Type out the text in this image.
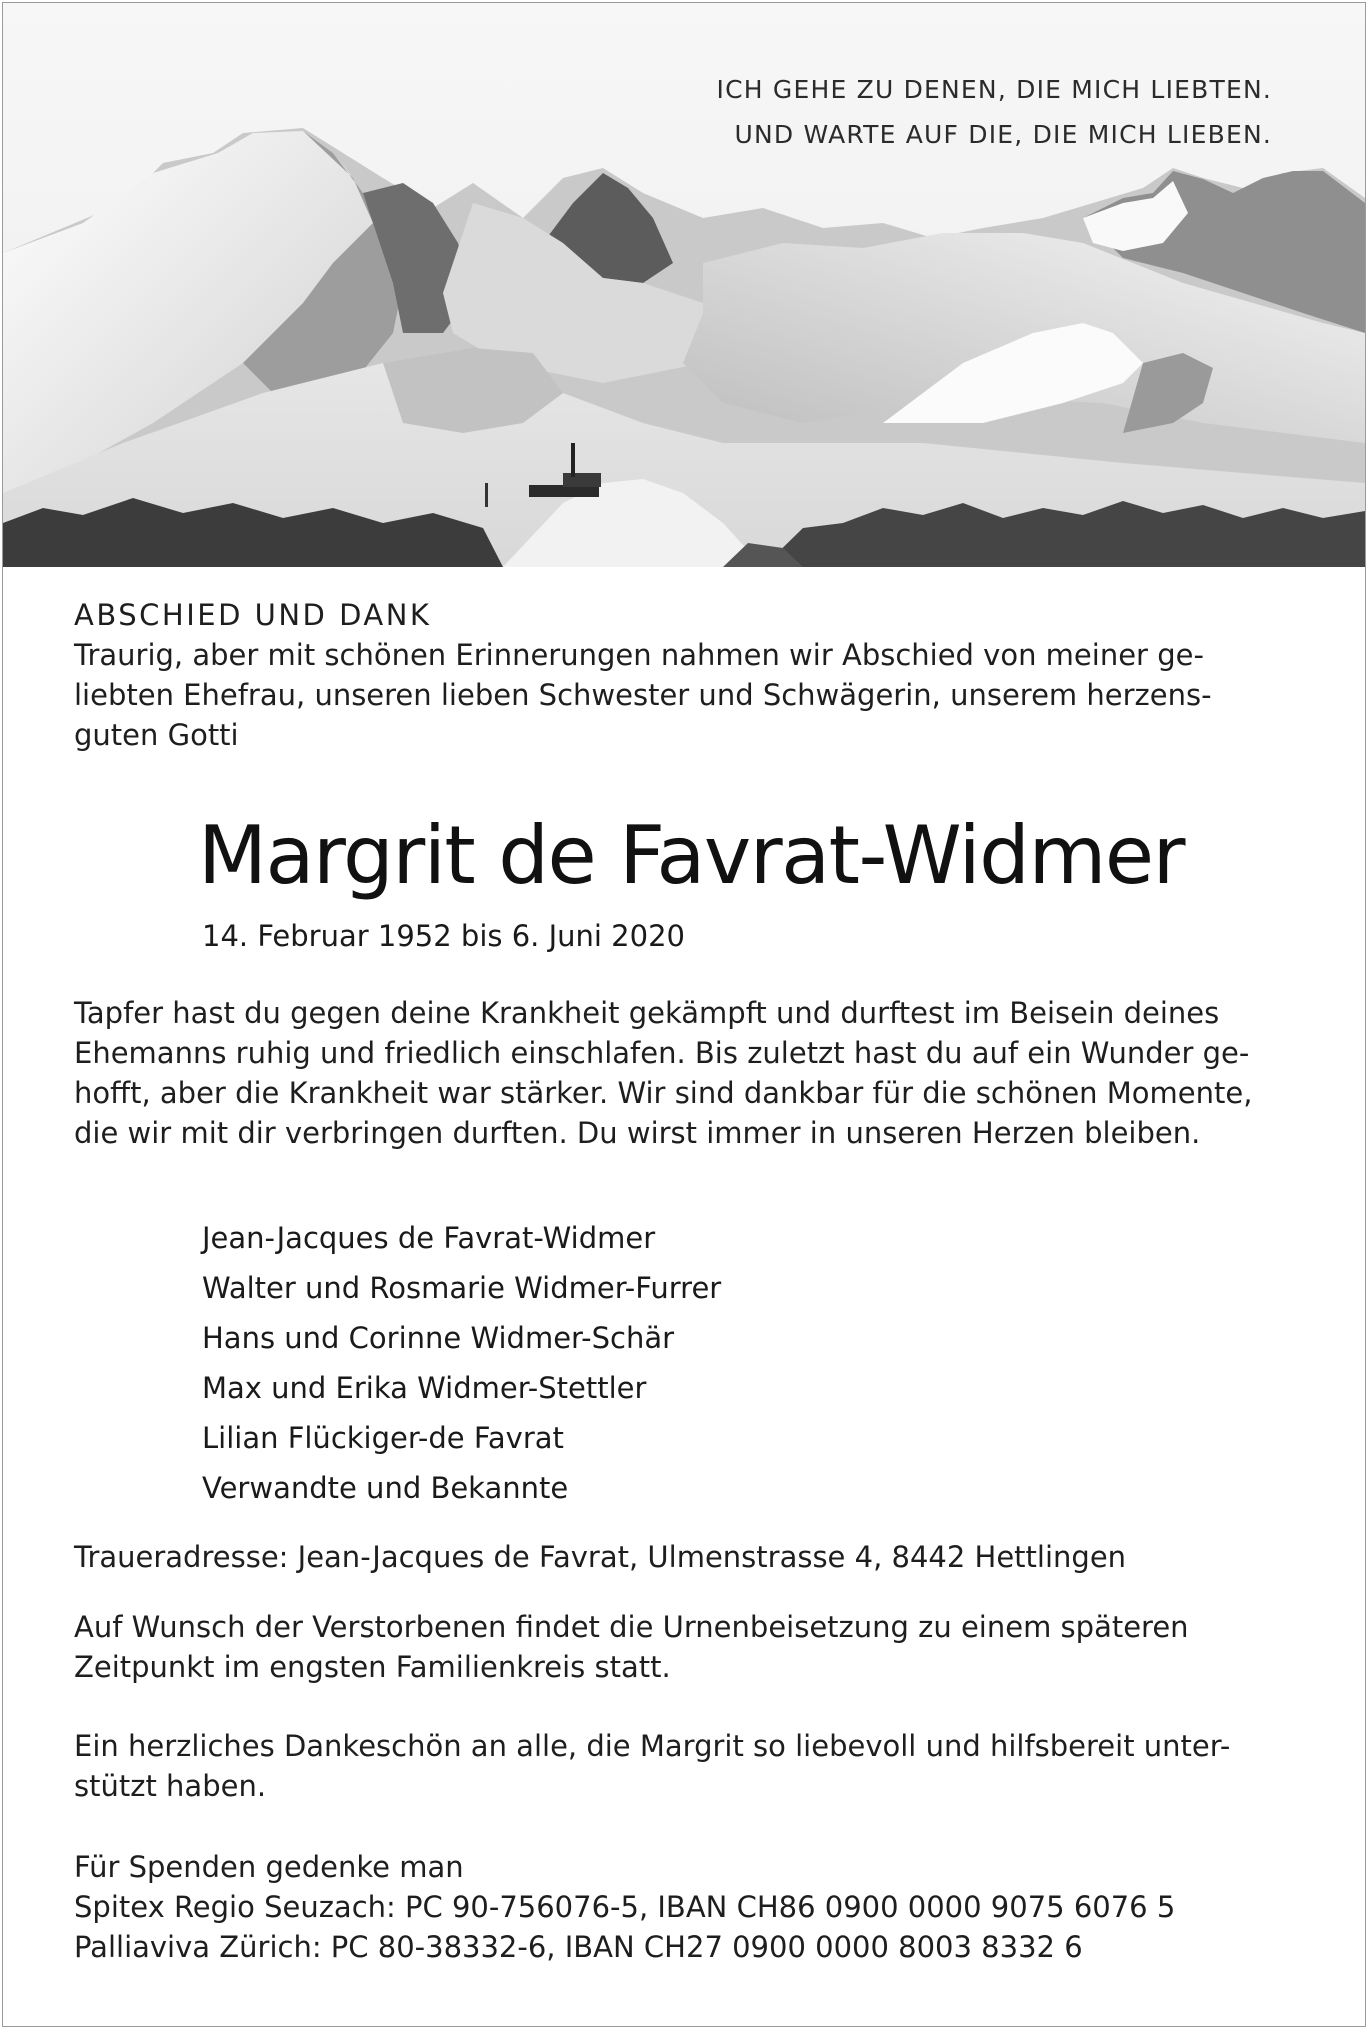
ICH GEHE ZU DENEN, DIE MICH LIEBTEN.
UND WARTE AUF DIE, DIE MICH LIEBEN.

ABSCHIED UND DANK

Traurig, aber mit schönen Erinnerungen nahmen wir Abschied von meiner ge-

liebten Ehefrau, unseren lieben Schwester und Schwägerin, unserem herzens-

guten Gotti

Margrit de Favrat-Widmer
14. Februar 1952 bis 6. Juni 2020

Tapfer hast du gegen deine Krankheit gekämpft und durftest im Beisein deines

Ehemanns ruhig und friedlich einschlafen. Bis zuletzt hast du auf ein Wunder ge-

hofft, aber die Krankheit war stärker. Wir sind dankbar für die schönen Momente,

die wir mit dir verbringen durften. Du wirst immer in unseren Herzen bleiben.

Jean-Jacques de Favrat-Widmer
Walter und Rosmarie Widmer-Furrer
Hans und Corinne Widmer-Schär
Max und Erika Widmer-Stettler
Lilian Flückiger-de Favrat
Verwandte und Bekannte

Traueradresse: Jean-Jacques de Favrat, Ulmenstrasse 4, 8442 Hettlingen

Auf Wunsch der Verstorbenen findet die Urnenbeisetzung zu einem späteren

Zeitpunkt im engsten Familienkreis statt.

Ein herzliches Dankeschön an alle, die Margrit so liebevoll und hilfsbereit unter-

stützt haben.

Für Spenden gedenke man

Spitex Regio Seuzach: PC 90-756076-5, IBAN CH86 0900 0000 9075 6076 5

Palliaviva Zürich: PC 80-38332-6, IBAN CH27 0900 0000 8003 8332 6
